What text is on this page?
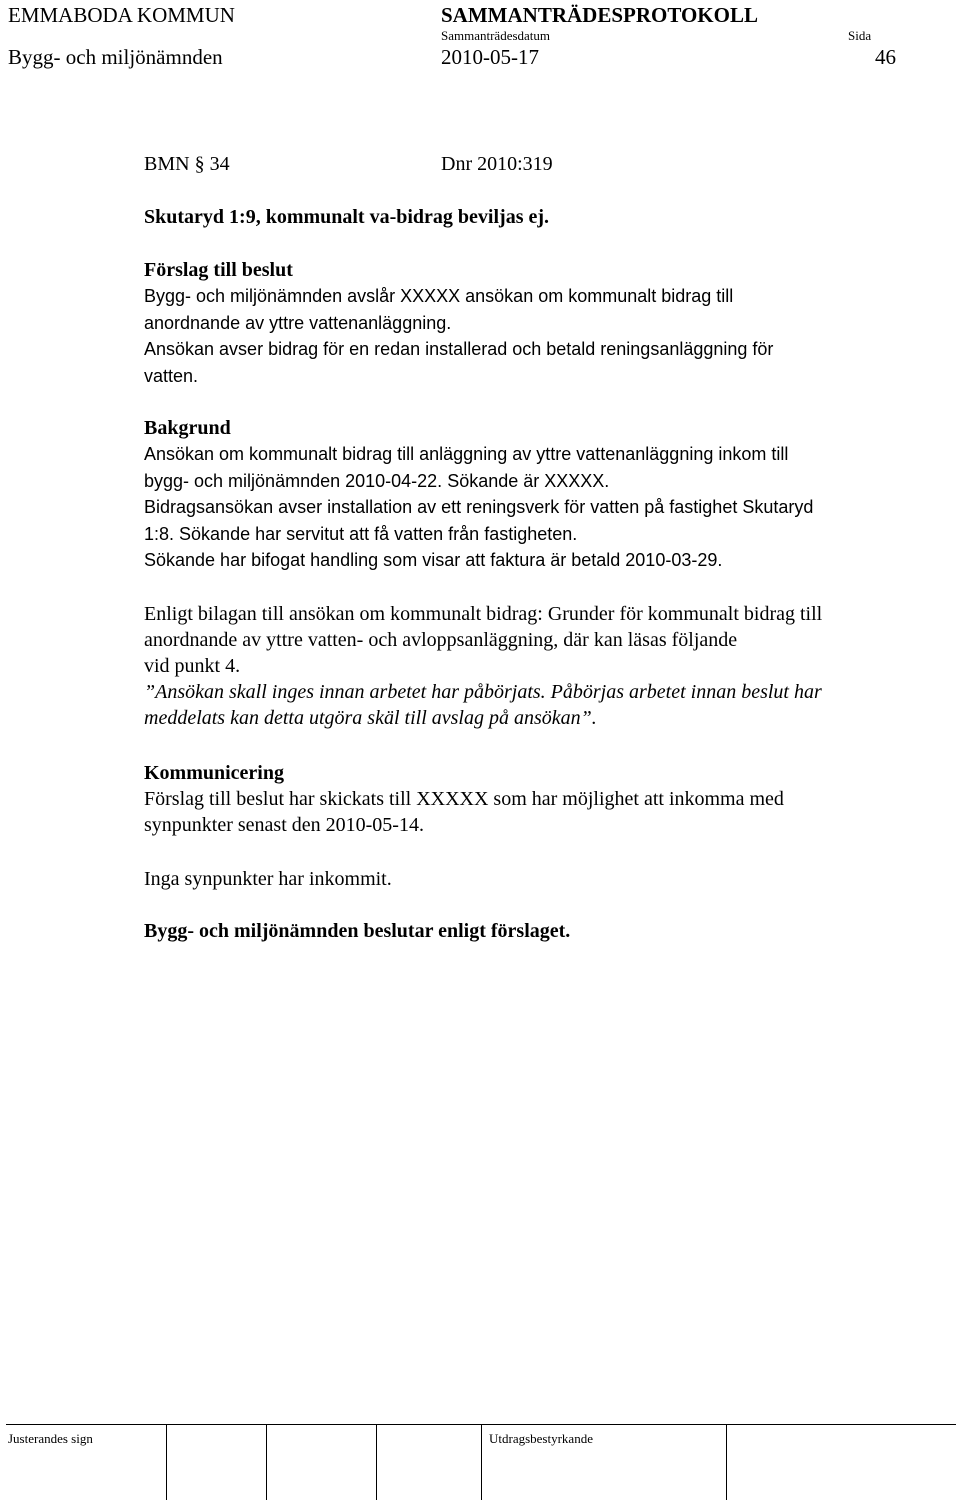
EMMABODA KOMMUN	SAMMANTRÄDESPROTOKOLL
Sammanträdesdatum	Sida
Bygg- och miljönämnden	2010-05-17	46
BMN § 34	Dnr 2010:319
Skutaryd 1:9, kommunalt va-bidrag beviljas ej.

Förslag till beslut

Bygg- och miljönämnden avslår XXXXX ansökan om kommunalt bidrag till

anordnande av yttre vattenanläggning.

Ansökan avser bidrag för en redan installerad och betald reningsanläggning för

vatten.

Bakgrund

Ansökan om kommunalt bidrag till anläggning av yttre vattenanläggning inkom till

bygg- och miljönämnden 2010-04-22. Sökande är XXXXX.

Bidragsansökan avser installation av ett reningsverk för vatten på fastighet Skutaryd

1:8. Sökande har servitut att få vatten från fastigheten.

Sökande har bifogat handling som visar att faktura är betald 2010-03-29.

Enligt bilagan till ansökan om kommunalt bidrag: Grunder för kommunalt bidrag till

anordnande av yttre vatten- och avloppsanläggning, där kan läsas följande

vid punkt 4.

”Ansökan skall inges innan arbetet har påbörjats. Påbörjas arbetet innan beslut har

meddelats kan detta utgöra skäl till avslag på ansökan”.

Kommunicering

Förslag till beslut har skickats till XXXXX som har möjlighet att inkomma med

synpunkter senast den 2010-05-14.

Inga synpunkter har inkommit.
Bygg- och miljönämnden beslutar enligt förslaget.
Justerandes sign	Utdragsbestyrkande
